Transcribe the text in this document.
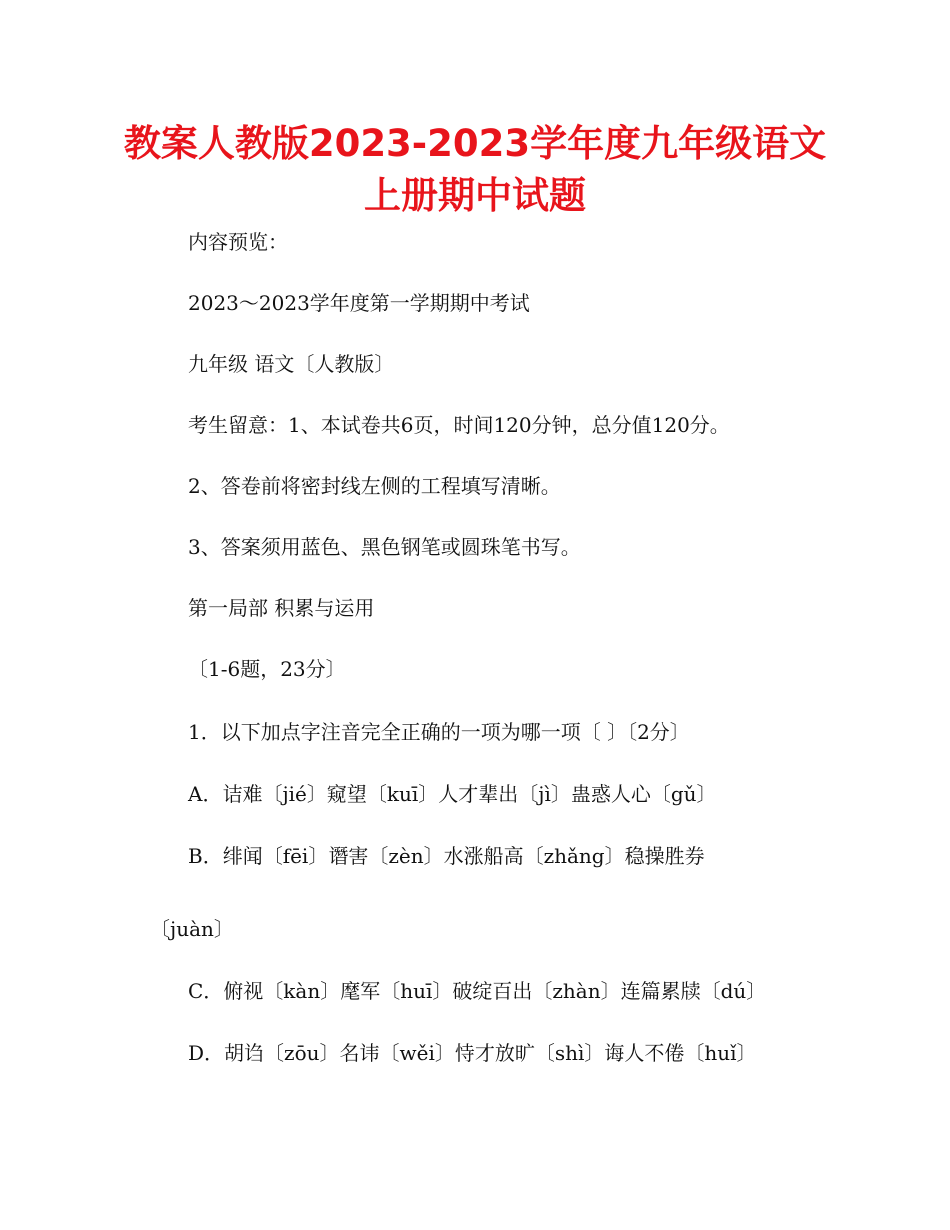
教案人教版2023-2023学年度九年级语文
上册期中试题
内容预览：
2023～2023学年度第一学期期中考试
九年级 语文〔人教版〕
考生留意：1、本试卷共6页，时间120分钟，总分值120分。
2、答卷前将密封线左侧的工程填写清晰。
3、答案须用蓝色、黑色钢笔或圆珠笔书写。
第一局部 积累与运用
〔1-6题，23分〕
1．以下加点字注音完全正确的一项为哪一项〔 〕〔2分〕
A．诘难〔jié〕窥望〔kuī〕人才辈出〔jì〕蛊惑人心〔gǔ〕
B．绯闻〔fēi〕谮害〔zèn〕水涨船高〔zhǎng〕稳操胜券
〔juàn〕
C．俯视〔kàn〕麾军〔huī〕破绽百出〔zhàn〕连篇累牍〔dú〕
D．胡诌〔zōu〕名讳〔wěi〕恃才放旷〔shì〕诲人不倦〔huǐ〕
